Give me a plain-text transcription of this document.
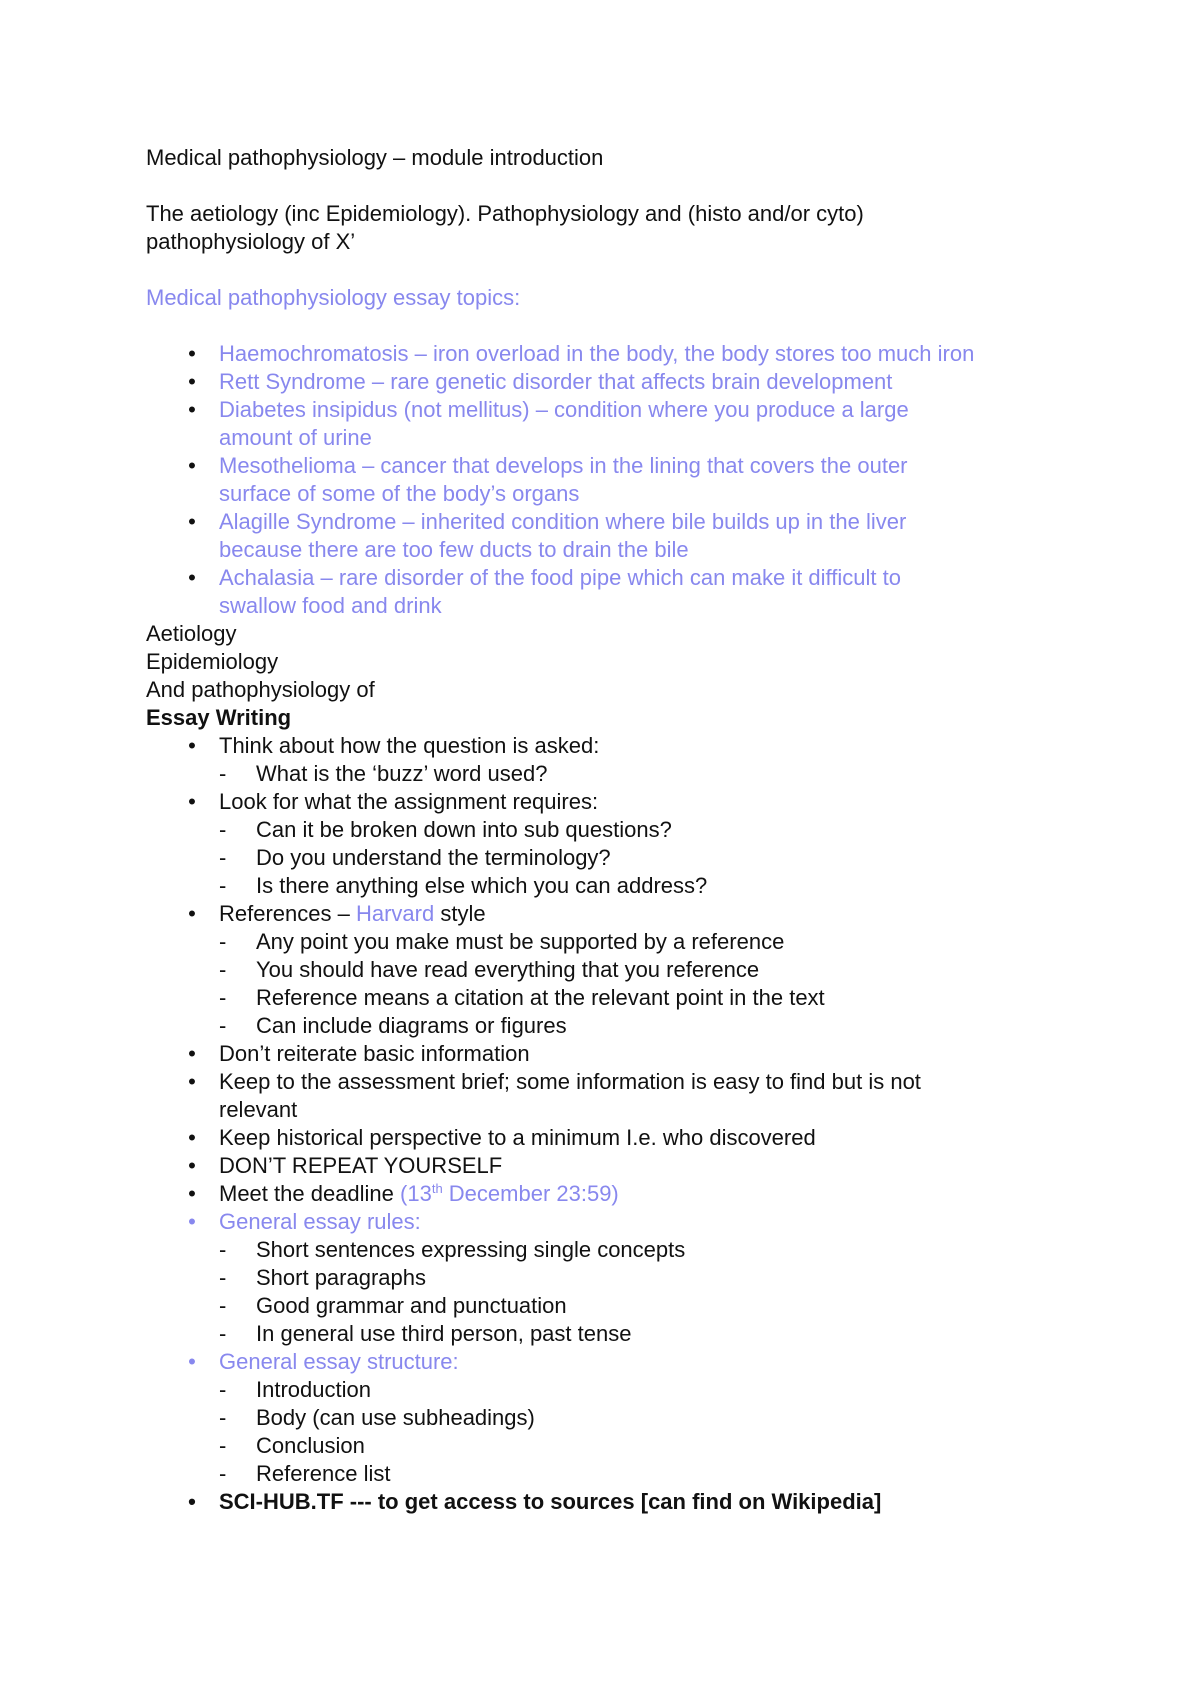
Medical pathophysiology – module introduction
The aetiology (inc Epidemiology). Pathophysiology and (histo and/or cyto)
pathophysiology of X’
Medical pathophysiology essay topics:
• Haemochromatosis – iron overload in the body, the body stores too much iron
• Rett Syndrome – rare genetic disorder that affects brain development
• Diabetes insipidus (not mellitus) – condition where you produce a large
amount of urine
• Mesothelioma – cancer that develops in the lining that covers the outer
surface of some of the body’s organs
• Alagille Syndrome – inherited condition where bile builds up in the liver
because there are too few ducts to drain the bile
• Achalasia – rare disorder of the food pipe which can make it difficult to
swallow food and drink
Aetiology
Epidemiology
And pathophysiology of
Essay Writing
• Think about how the question is asked:
- What is the ‘buzz’ word used?
• Look for what the assignment requires:
- Can it be broken down into sub questions?
- Do you understand the terminology?
- Is there anything else which you can address?
• References – Harvard style
- Any point you make must be supported by a reference
- You should have read everything that you reference
- Reference means a citation at the relevant point in the text
- Can include diagrams or figures
• Don’t reiterate basic information
• Keep to the assessment brief; some information is easy to find but is not
relevant
• Keep historical perspective to a minimum I.e. who discovered
• DON’T REPEAT YOURSELF
• Meet the deadline (13th December 23:59)
• General essay rules:
- Short sentences expressing single concepts
- Short paragraphs
- Good grammar and punctuation
- In general use third person, past tense
• General essay structure:
- Introduction
- Body (can use subheadings)
- Conclusion
- Reference list
• SCI-HUB.TF --- to get access to sources [can find on Wikipedia]
